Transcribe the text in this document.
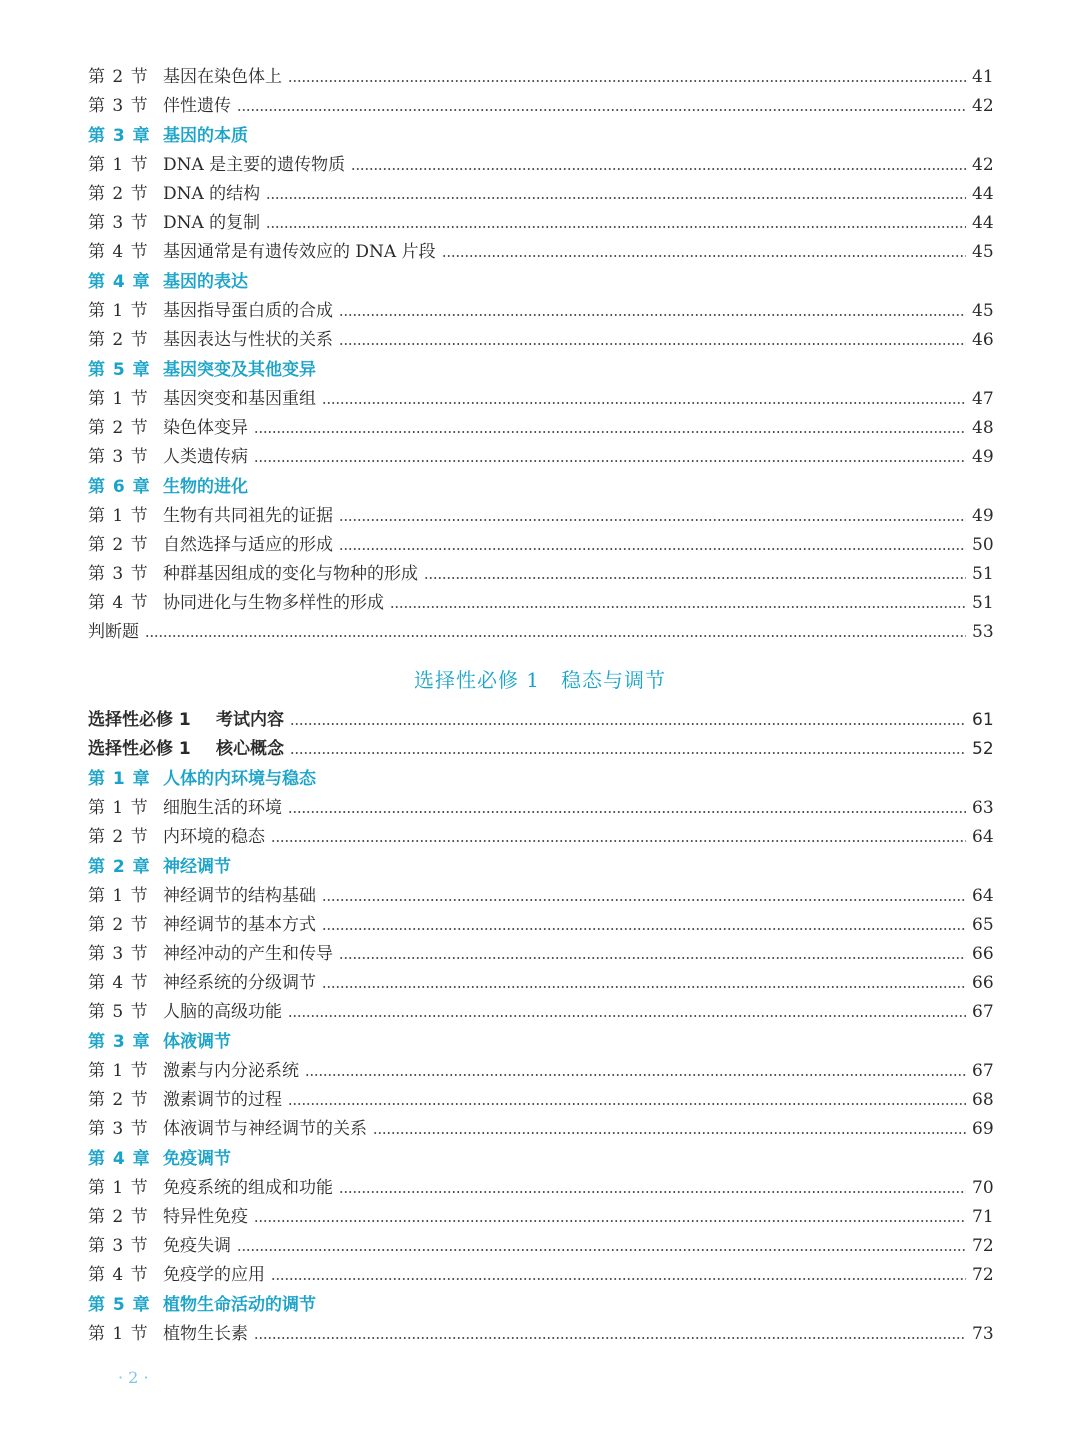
第 2 节 基因在染色体上	41
第 3 节 伴性遗传	42
第 3 章 基因的本质
第 1 节 DNA 是主要的遗传物质	42
第 2 节 DNA 的结构	44
第 3 节 DNA 的复制	44
第 4 节 基因通常是有遗传效应的 DNA 片段	45
第 4 章 基因的表达
第 1 节 基因指导蛋白质的合成	45
第 2 节 基因表达与性状的关系	46
第 5 章 基因突变及其他变异
第 1 节 基因突变和基因重组	47
第 2 节 染色体变异	48
第 3 节 人类遗传病	49
第 6 章 生物的进化
第 1 节 生物有共同祖先的证据	49
第 2 节 自然选择与适应的形成	50
第 3 节 种群基因组成的变化与物种的形成	51
第 4 节 协同进化与生物多样性的形成	51
判断题	53
选择性必修 1	考试内容	61
选择性必修 1	核心概念	52
第 1 章 人体的内环境与稳态
第 1 节 细胞生活的环境	63
第 2 节 内环境的稳态	64
第 2 章 神经调节
第 1 节 神经调节的结构基础	64
第 2 节 神经调节的基本方式	65
第 3 节 神经冲动的产生和传导	66
第 4 节 神经系统的分级调节	66
第 5 节 人脑的高级功能	67
第 3 章 体液调节
第 1 节 激素与内分泌系统	67
第 2 节 激素调节的过程	68
第 3 节 体液调节与神经调节的关系	69
第 4 章 免疫调节
第 1 节 免疫系统的组成和功能	70
第 2 节 特异性免疫	71
第 3 节 免疫失调	72
第 4 节 免疫学的应用	72
第 5 章 植物生命活动的调节
第 1 节 植物生长素	73
选择性必修 1　稳态与调节
· 2 ·
